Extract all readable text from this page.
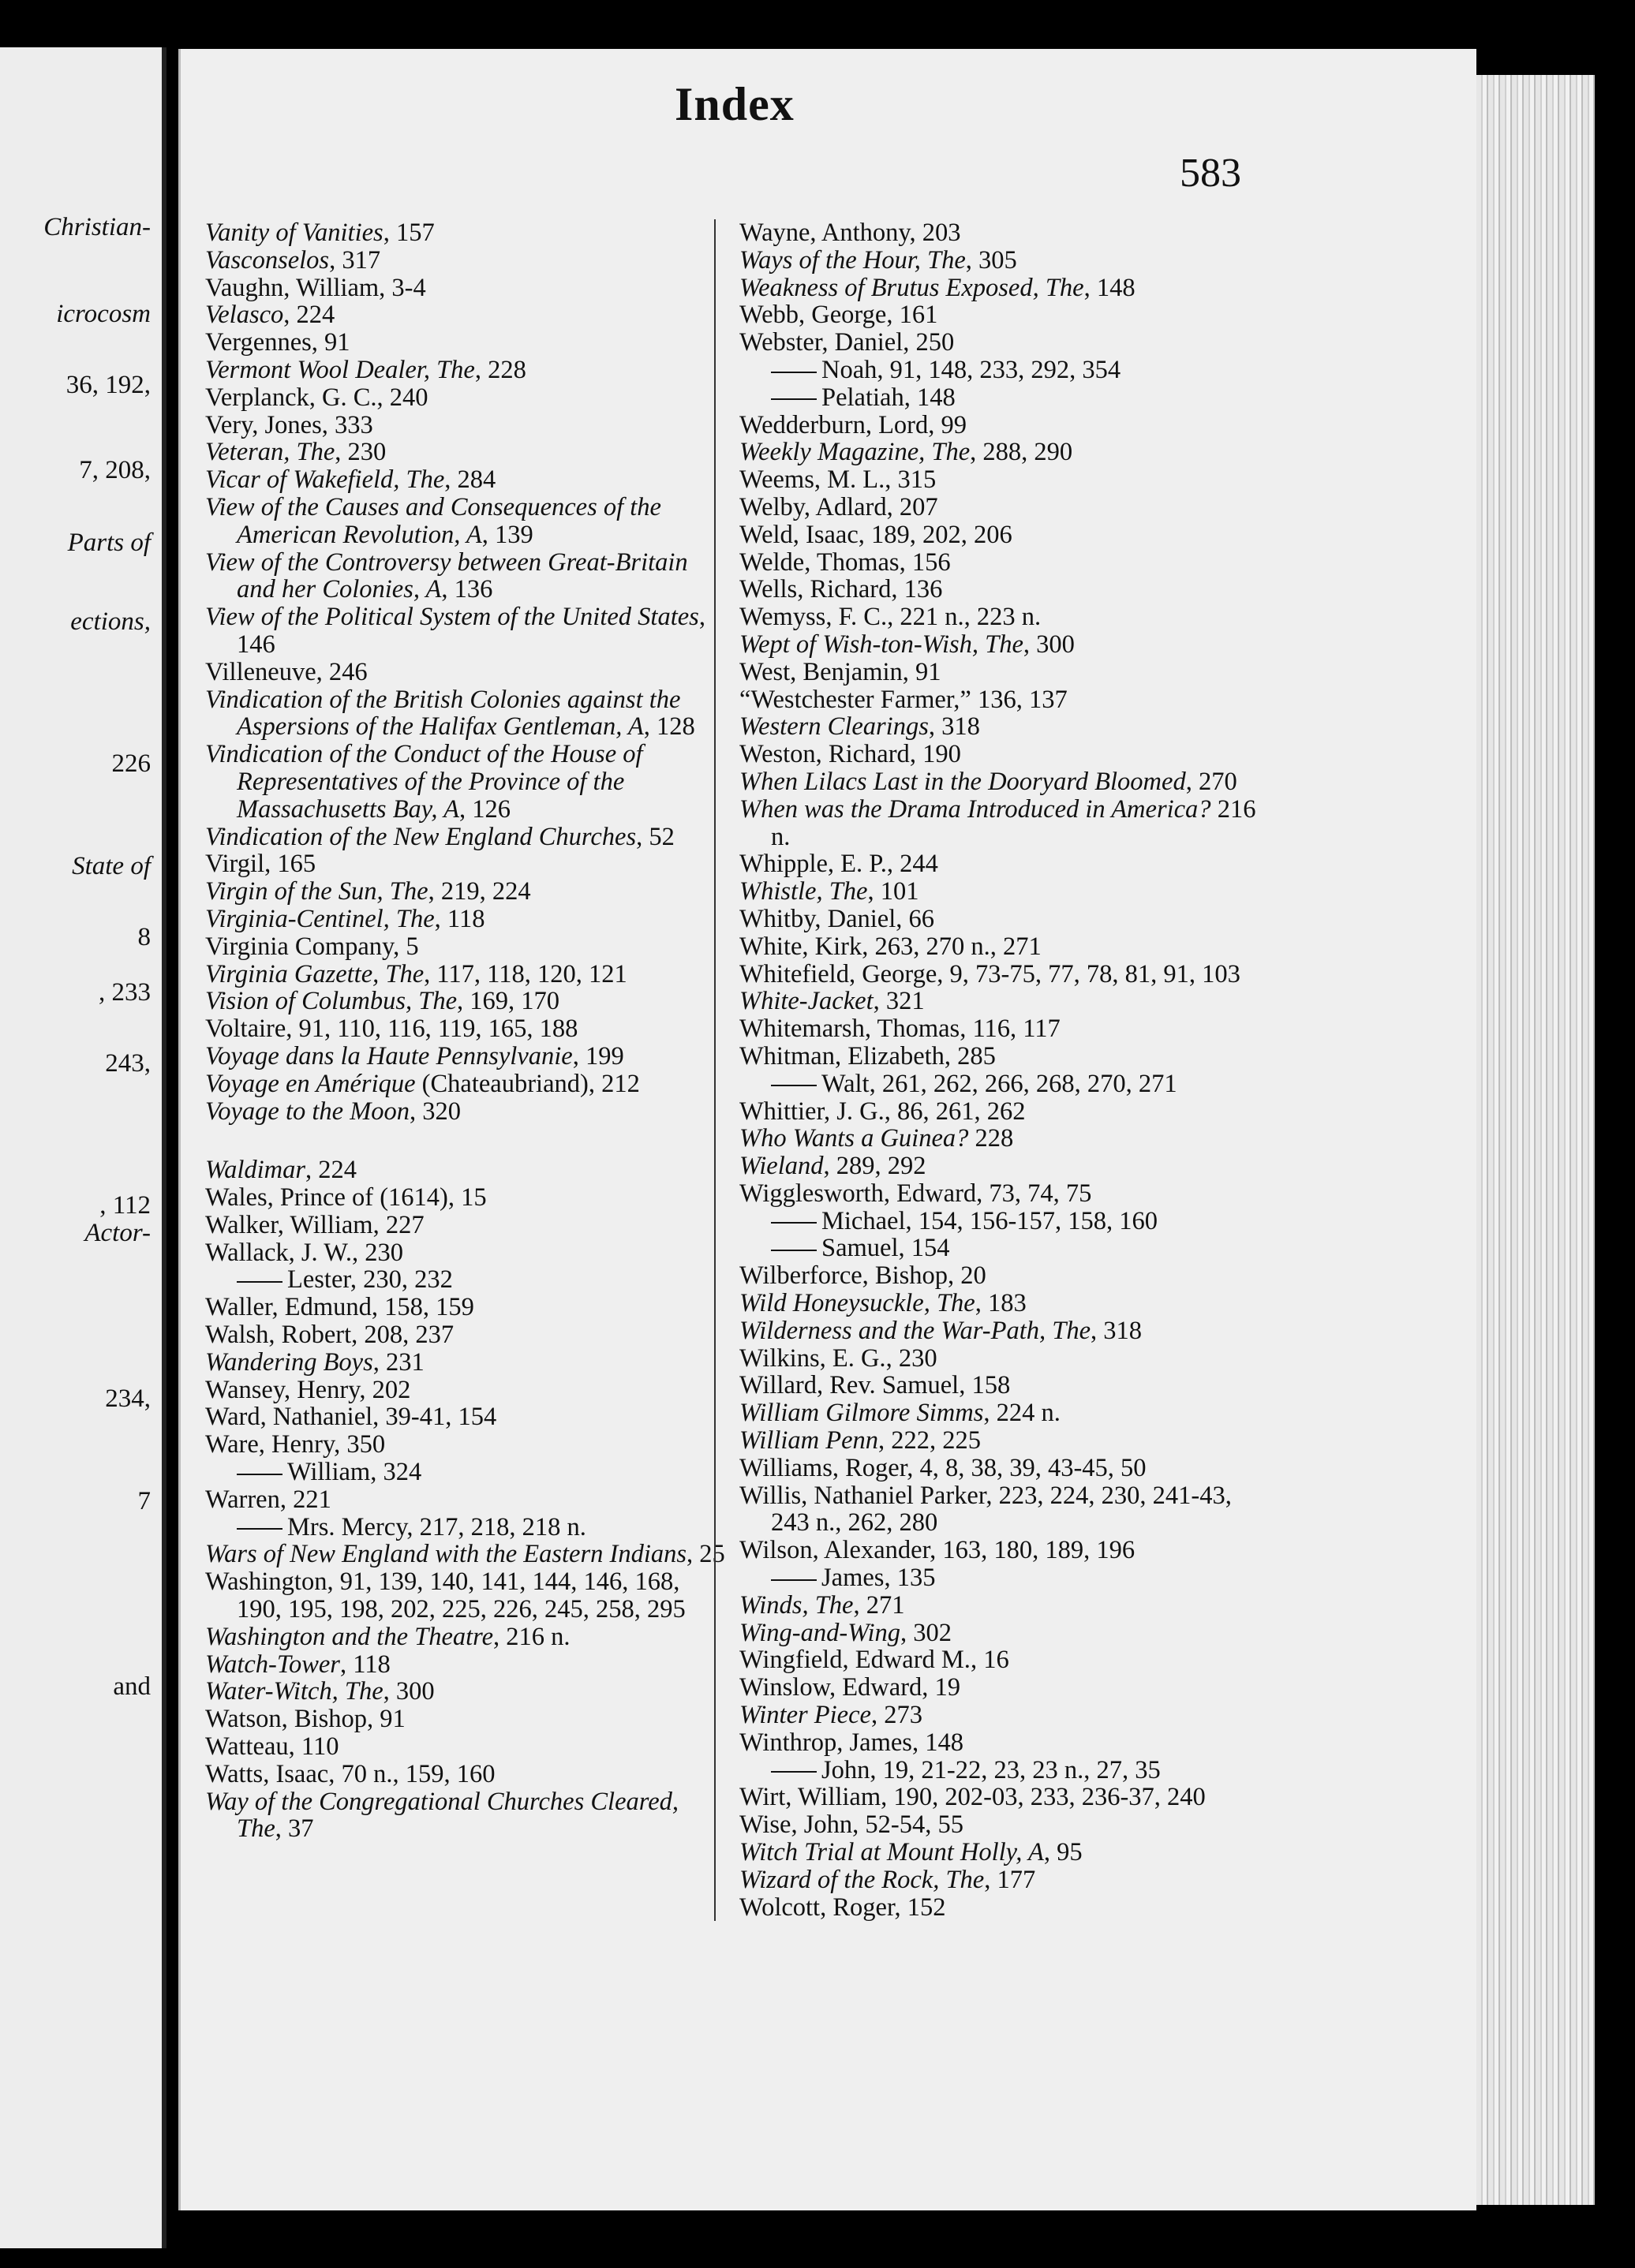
Christian-
icrocosm
36, 192,
7, 208,
Parts of
ections,
226
State of
8
, 233
243,
, 112
Actor-
234,
7
and
Index
583
Vanity of Vanities, 157
Vasconselos, 317
Vaughn, William, 3-4
Velasco, 224
Vergennes, 91
Vermont Wool Dealer, The, 228
Verplanck, G. C., 240
Very, Jones, 333
Veteran, The, 230
Vicar of Wakefield, The, 284
View of the Causes and Consequences of the American Revolution, A, 139
View of the Controversy between Great-Britain and her Colonies, A, 136
View of the Political System of the United States, 146
Villeneuve, 246
Vindication of the British Colonies against the Aspersions of the Halifax Gentleman, A, 128
Vindication of the Conduct of the House of Representatives of the Province of the Massachusetts Bay, A, 126
Vindication of the New England Churches, 52
Virgil, 165
Virgin of the Sun, The, 219, 224
Virginia-Centinel, The, 118
Virginia Company, 5
Virginia Gazette, The, 117, 118, 120, 121
Vision of Columbus, The, 169, 170
Voltaire, 91, 110, 116, 119, 165, 188
Voyage dans la Haute Pennsylvanie, 199
Voyage en Amérique (Chateaubriand), 212
Voyage to the Moon, 320
Waldimar, 224
Wales, Prince of (1614), 15
Walker, William, 227
Wallack, J. W., 230
Lester, 230, 232
Waller, Edmund, 158, 159
Walsh, Robert, 208, 237
Wandering Boys, 231
Wansey, Henry, 202
Ward, Nathaniel, 39-41, 154
Ware, Henry, 350
William, 324
Warren, 221
Mrs. Mercy, 217, 218, 218 n.
Wars of New England with the Eastern Indians, 25
Washington, 91, 139, 140, 141, 144, 146, 168, 190, 195, 198, 202, 225, 226, 245, 258, 295
Washington and the Theatre, 216 n.
Watch-Tower, 118
Water-Witch, The, 300
Watson, Bishop, 91
Watteau, 110
Watts, Isaac, 70 n., 159, 160
Way of the Congregational Churches Cleared, The, 37
Wayne, Anthony, 203
Ways of the Hour, The, 305
Weakness of Brutus Exposed, The, 148
Webb, George, 161
Webster, Daniel, 250
Noah, 91, 148, 233, 292, 354
Pelatiah, 148
Wedderburn, Lord, 99
Weekly Magazine, The, 288, 290
Weems, M. L., 315
Welby, Adlard, 207
Weld, Isaac, 189, 202, 206
Welde, Thomas, 156
Wells, Richard, 136
Wemyss, F. C., 221 n., 223 n.
Wept of Wish-ton-Wish, The, 300
West, Benjamin, 91
“Westchester Farmer,” 136, 137
Western Clearings, 318
Weston, Richard, 190
When Lilacs Last in the Dooryard Bloomed, 270
When was the Drama Introduced in America? 216 n.
Whipple, E. P., 244
Whistle, The, 101
Whitby, Daniel, 66
White, Kirk, 263, 270 n., 271
Whitefield, George, 9, 73-75, 77, 78, 81, 91, 103
White-Jacket, 321
Whitemarsh, Thomas, 116, 117
Whitman, Elizabeth, 285
Walt, 261, 262, 266, 268, 270, 271
Whittier, J. G., 86, 261, 262
Who Wants a Guinea? 228
Wieland, 289, 292
Wigglesworth, Edward, 73, 74, 75
Michael, 154, 156-157, 158, 160
Samuel, 154
Wilberforce, Bishop, 20
Wild Honeysuckle, The, 183
Wilderness and the War-Path, The, 318
Wilkins, E. G., 230
Willard, Rev. Samuel, 158
William Gilmore Simms, 224 n.
William Penn, 222, 225
Williams, Roger, 4, 8, 38, 39, 43-45, 50
Willis, Nathaniel Parker, 223, 224, 230, 241-43, 243 n., 262, 280
Wilson, Alexander, 163, 180, 189, 196
James, 135
Winds, The, 271
Wing-and-Wing, 302
Wingfield, Edward M., 16
Winslow, Edward, 19
Winter Piece, 273
Winthrop, James, 148
John, 19, 21-22, 23, 23 n., 27, 35
Wirt, William, 190, 202-03, 233, 236-37, 240
Wise, John, 52-54, 55
Witch Trial at Mount Holly, A, 95
Wizard of the Rock, The, 177
Wolcott, Roger, 152
